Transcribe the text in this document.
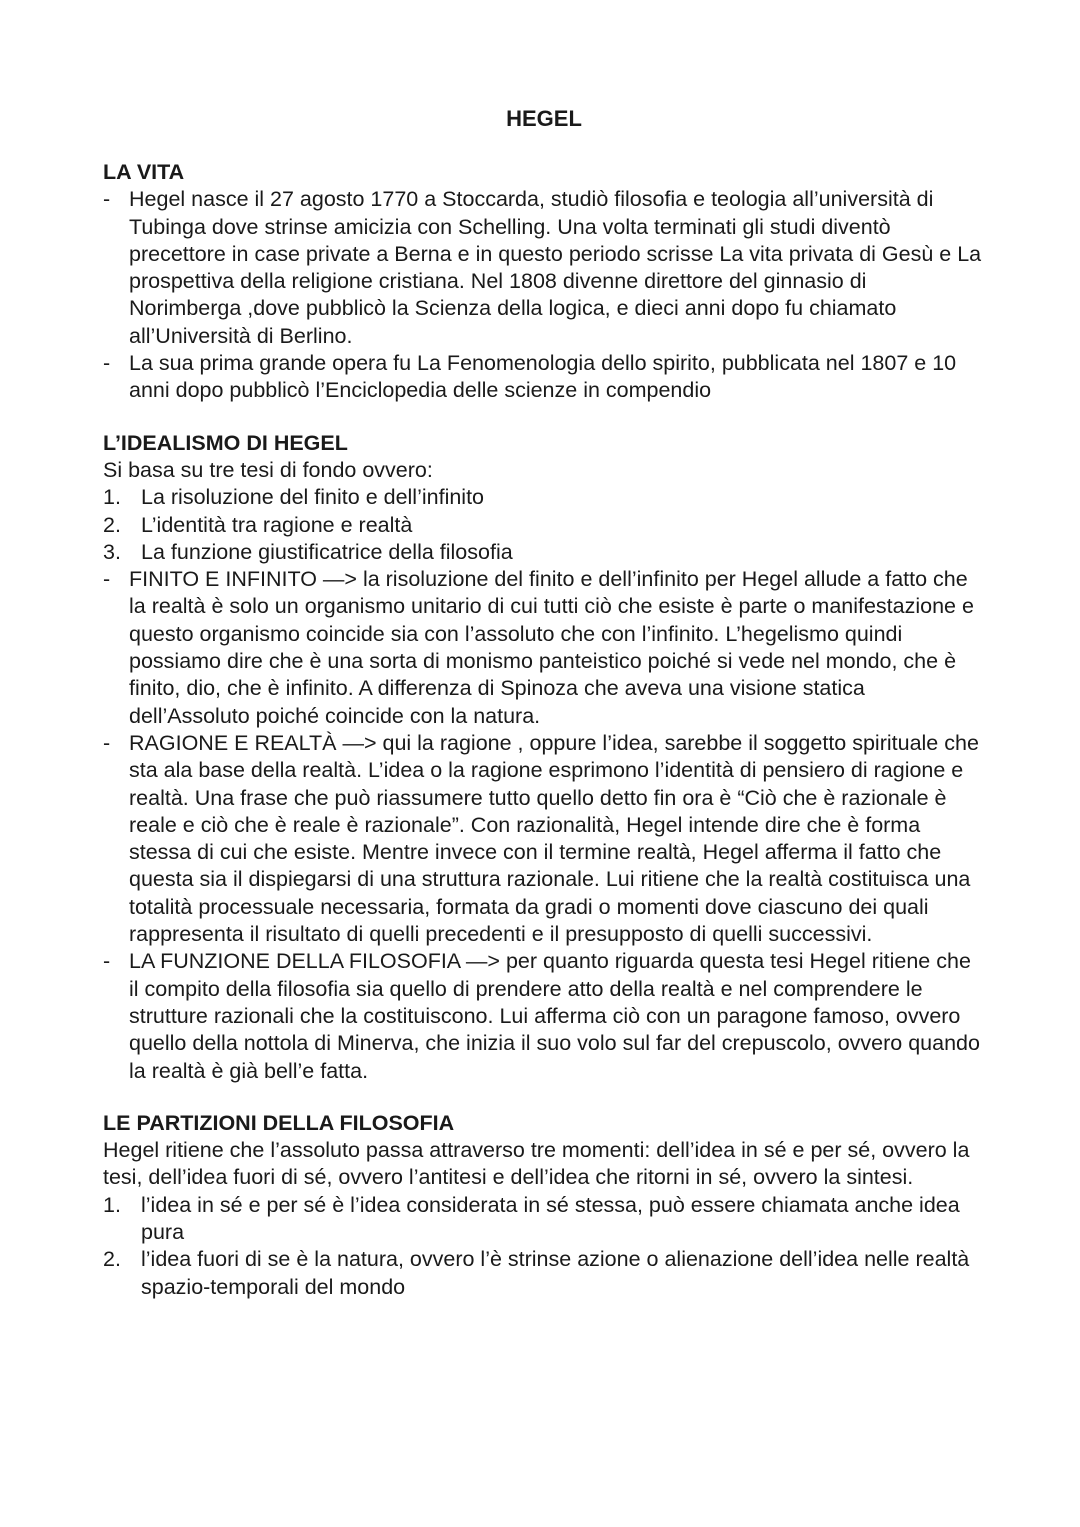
HEGEL
LA VITA
- Hegel nasce il 27 agosto 1770 a Stoccarda, studiò filosofia e teologia all’università di Tubinga dove strinse amicizia con Schelling. Una volta terminati gli studi diventò precettore in case private a Berna e in questo periodo scrisse La vita privata di Gesù e La prospettiva della religione cristiana. Nel 1808 divenne direttore del ginnasio di Norimberga ,dove pubblicò la Scienza della logica, e dieci anni dopo fu chiamato all’Università di Berlino.
- La sua prima grande opera fu La Fenomenologia dello spirito, pubblicata nel 1807 e 10 anni dopo pubblicò l’Enciclopedia delle scienze in compendio
L’IDEALISMO DI HEGEL

Si basa su tre tesi di fondo ovvero:

1. La risoluzione del finito e dell’infinito
2. L’identità tra ragione e realtà
3. La funzione giustificatrice della filosofia
- FINITO E INFINITO —> la risoluzione del finito e dell’infinito per Hegel allude a fatto che la realtà è solo un organismo unitario di cui tutti ciò che esiste è parte o manifestazione e questo organismo coincide sia con l’assoluto che con l’infinito. L’hegelismo quindi possiamo dire che è una sorta di monismo panteistico poiché si vede nel mondo, che è finito, dio, che è infinito. A differenza di Spinoza che aveva una visione statica dell’Assoluto poiché coincide con la natura.
- RAGIONE E REALTÀ —> qui la ragione , oppure l’idea, sarebbe il soggetto spirituale che sta ala base della realtà. L’idea o la ragione esprimono l’identità di pensiero di ragione e realtà. Una frase che può riassumere tutto quello detto fin ora è “Ciò che è razionale è reale e ciò che è reale è razionale”. Con razionalità, Hegel intende dire che è forma stessa di cui che esiste. Mentre invece con il termine realtà, Hegel afferma il fatto che questa sia il dispiegarsi di una struttura razionale. Lui ritiene che la realtà costituisca una totalità processuale necessaria, formata da gradi o momenti dove ciascuno dei quali rappresenta il risultato di quelli precedenti e il presupposto di quelli successivi.
- LA FUNZIONE DELLA FILOSOFIA —> per quanto riguarda questa tesi Hegel ritiene che il compito della filosofia sia quello di prendere atto della realtà e nel comprendere le strutture razionali che la costituiscono. Lui afferma ciò con un paragone famoso, ovvero quello della nottola di Minerva, che inizia il suo volo sul far del crepuscolo, ovvero quando la realtà è già bell’e fatta.
LE PARTIZIONI DELLA FILOSOFIA

Hegel ritiene che l’assoluto passa attraverso tre momenti: dell’idea in sé e per sé, ovvero la tesi, dell’idea fuori di sé, ovvero l’antitesi e dell’idea che ritorni in sé, ovvero la sintesi.

1. l’idea in sé e per sé è l’idea considerata in sé stessa, può essere chiamata anche idea pura
2. l’idea fuori di se è la natura, ovvero l’è strinse azione o alienazione dell’idea nelle realtà spazio-temporali del mondo
